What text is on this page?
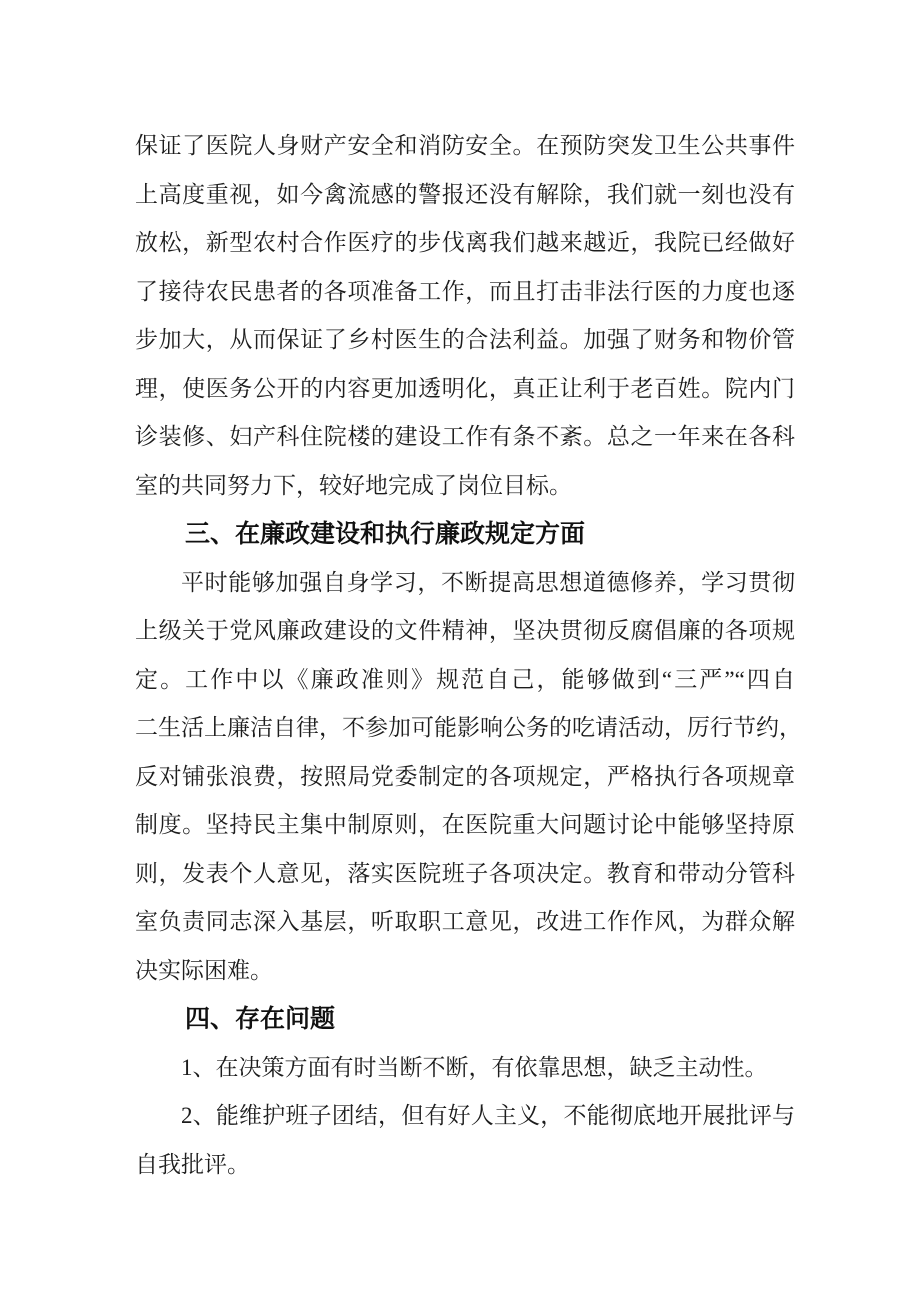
保证了医院人身财产安全和消防安全。在预防突发卫生公共事件
上高度重视，如今禽流感的警报还没有解除，我们就一刻也没有
放松，新型农村合作医疗的步伐离我们越来越近，我院已经做好
了接待农民患者的各项准备工作，而且打击非法行医的力度也逐
步加大，从而保证了乡村医生的合法利益。加强了财务和物价管
理，使医务公开的内容更加透明化，真正让利于老百姓。院内门
诊装修、妇产科住院楼的建设工作有条不紊。总之一年来在各科
室的共同努力下，较好地完成了岗位目标。
三、在廉政建设和执行廉政规定方面
平时能够加强自身学习，不断提高思想道德修养，学习贯彻
上级关于党风廉政建设的文件精神，坚决贯彻反腐倡廉的各项规
定。工作中以《廉政准则》规范自己，能够做到“三严”“四自
二生活上廉洁自律，不参加可能影响公务的吃请活动，厉行节约，
反对铺张浪费，按照局党委制定的各项规定，严格执行各项规章
制度。坚持民主集中制原则，在医院重大问题讨论中能够坚持原
则，发表个人意见，落实医院班子各项决定。教育和带动分管科
室负责同志深入基层，听取职工意见，改进工作作风，为群众解
决实际困难。
四、存在问题
1、在决策方面有时当断不断，有依靠思想，缺乏主动性。
2、能维护班子团结，但有好人主义，不能彻底地开展批评与
自我批评。
